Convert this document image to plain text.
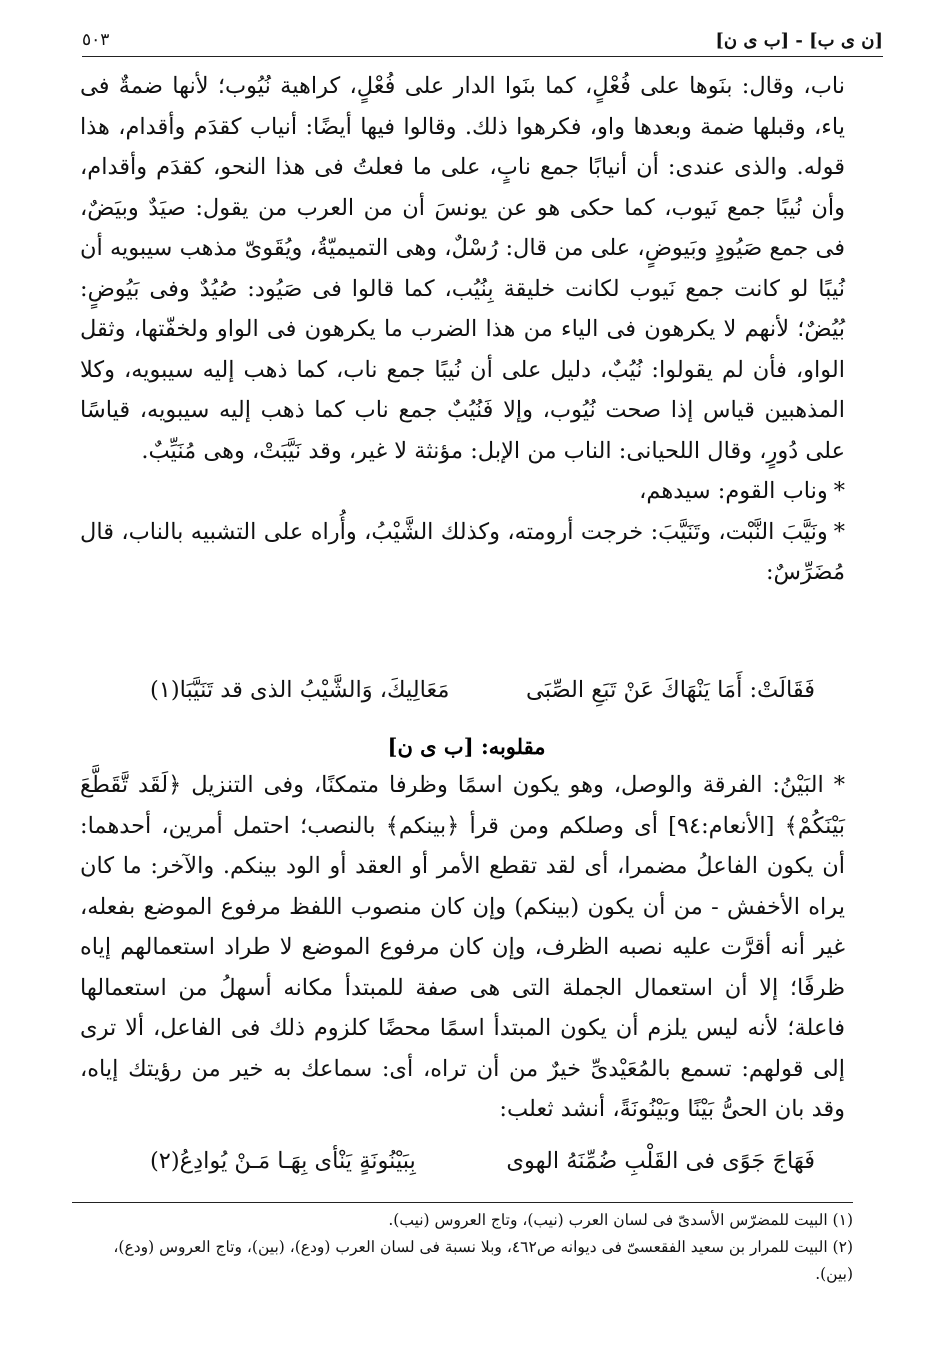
[ن ى ب] - [ب ى ن]
٥٠٣

ناب، وقال: بنَوها على فُعْلٍ، كما بنَوا الدار على فُعْلٍ، كراهية نُيُوب؛ لأنها ضمةٌ فى ياء، وقبلها ضمة وبعدها واو، فكرهوا ذلك. وقالوا فيها أيضًا: أنياب كقدَم وأقدام، هذا قوله. والذى عندى: أن أنيابًا جمع نابٍ، على ما فعلتُ فى هذا النحو، كقدَم وأقدام، وأن نُيبًا جمع نَيوب، كما حكى هو عن يونسَ أن من العرب من يقول: صيَدٌ وبيَضٌ، فى جمع صَيُودٍ وبَيوضٍ، على من قال: رُسْلٌ، وهى التميميّةُ، ويُقَوىّ مذهب سيبويه أن نُيبًا لو كانت جمع نَيوب لكانت خليقة بِنُيُب، كما قالوا فى صَيُود: صُيُدٌ وفى بَيُوضٍ: بُيُضٌ؛ لأنهم لا يكرهون فى الياء من هذا الضرب ما يكرهون فى الواو ولخفّتها، وثقل الواو، فأن لم يقولوا: نُيُبٌ، دليل على أن نُيبًا جمع ناب، كما ذهب إليه سيبويه، وكلا المذهبين قياس إذا صحت نُيُوب، وإلا فَنُيُبٌ جمع ناب كما ذهب إليه سيبويه، قياسًا على دُورٍ، وقال اللحيانى: الناب من الإبل: مؤنثة لا غير، وقد نَيَّبَتْ، وهى مُنَيِّبٌ.

*وناب القوم: سيدهم،

*ونَيَّبَ النَّبْت، وتَنَيَّبَ: خرجت أرومته، وكذلك الشَّيْبُ، وأُراه على التشبيه بالناب، قال مُضَرِّسٌ:

فَقَالَتْ: أَمَا يَنْهَاكَ عَنْ تَبَعِ الصِّبَى
مَعَالِيكَ، وَالشَّيْبُ الذى قد تَنَيَّبَا(١)
مقلوبه: [ب ى ن]

* البَيْنُ: الفرقة والوصل، وهو يكون اسمًا وظرفا متمكنًا، وفى التنزيل ﴿لَقَد تَّقَطَّعَ بَيْنَكُمْ﴾ [الأنعام:٩٤] أى وصلكم ومن قرأ ﴿بينكم﴾ بالنصب؛ احتمل أمرين، أحدهما: أن يكون الفاعلُ مضمرا، أى لقد تقطع الأمر أو العقد أو الود بينكم. والآخر: ما كان يراه الأخفش - من أن يكون (بينكم) وإن كان منصوب اللفظ مرفوع الموضع بفعله، غير أنه أقرَّت عليه نصبه الظرف، وإن كان مرفوع الموضع لا طراد استعمالهم إياه ظرفًا؛ إلا أن استعمال الجملة التى هى صفة للمبتدأ مكانه أسهلُ من استعمالها فاعلة؛ لأنه ليس يلزم أن يكون المبتدأ اسمًا محضًا كلزوم ذلك فى الفاعل، ألا ترى إلى قولهم: تسمع بالمُعَيْدىِّ خيرٌ من أن تراه، أى: سماعك به خير من رؤيتك إياه، وقد بان الحىُّ بَيْنًا وبَيْنُونَةً، أنشد ثعلب:

فَهَاجَ جَوًى فى القَلْبِ ضُمِّنَهُ الهوى
بِبَيْنُونَةٍ يَنْأى بِهَـا مَـنْ يُوادِعُ(٢)

(١) البيت للمضرّس الأسدىّ فى لسان العرب (نيب)، وتاج العروس (نيب).

(٢) البيت للمرار بن سعيد الفقعسىّ فى ديوانه ص٤٦٢، وبلا نسبة فى لسان العرب (ودع)، (بين)، وتاج العروس (ودع)، (بين).
